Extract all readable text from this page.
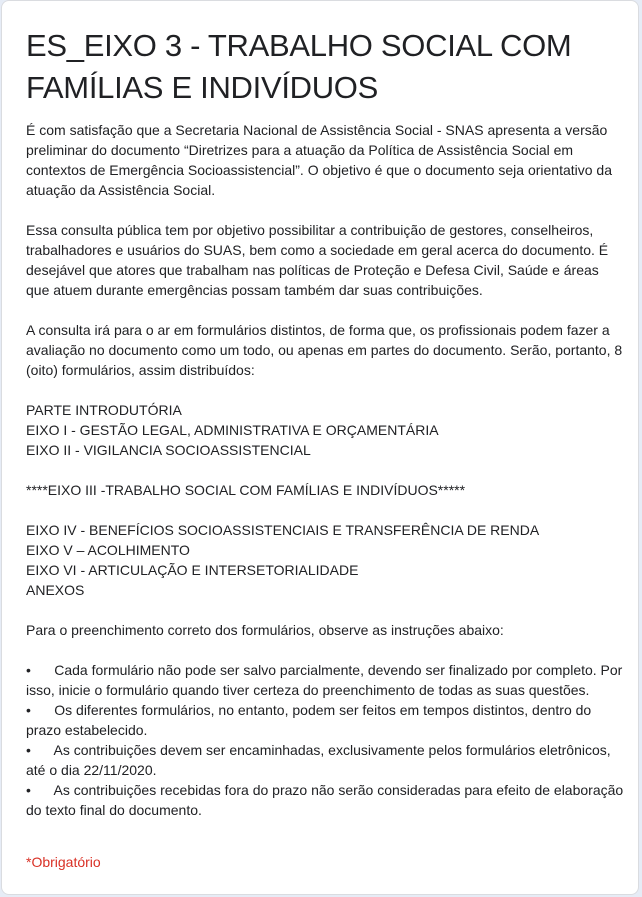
ES_EIXO 3 - TRABALHO SOCIAL COM FAMÍLIAS E INDIVÍDUOS

É com satisfação que a Secretaria Nacional de Assistência Social - SNAS apresenta a versão preliminar do documento “Diretrizes para a atuação da Política de Assistência Social em contextos de Emergência Socioassistencial”. O objetivo é que o documento seja orientativo da atuação da Assistência Social.

Essa consulta pública tem por objetivo possibilitar a contribuição de gestores, conselheiros, trabalhadores e usuários do SUAS, bem como a sociedade em geral acerca do documento. É desejável que atores que trabalham nas políticas de Proteção e Defesa Civil, Saúde e áreas que atuem durante emergências possam também dar suas contribuições.

A consulta irá para o ar em formulários distintos, de forma que, os profissionais podem fazer a avaliação no documento como um todo, ou apenas em partes do documento. Serão, portanto, 8 (oito) formulários, assim distribuídos:

PARTE INTRODUTÓRIA

EIXO I - GESTÃO LEGAL, ADMINISTRATIVA E ORÇAMENTÁRIA

EIXO II - VIGILANCIA SOCIOASSISTENCIAL

****EIXO III -TRABALHO SOCIAL COM FAMÍLIAS E INDIVÍDUOS*****

EIXO IV - BENEFÍCIOS SOCIOASSISTENCIAIS E TRANSFERÊNCIA DE RENDA

EIXO V – ACOLHIMENTO

EIXO VI - ARTICULAÇÃO E INTERSETORIALIDADE

ANEXOS

Para o preenchimento correto dos formulários, observe as instruções abaixo:

• Cada formulário não pode ser salvo parcialmente, devendo ser finalizado por completo. Por isso, inicie o formulário quando tiver certeza do preenchimento de todas as suas questões.

• Os diferentes formulários, no entanto, podem ser feitos em tempos distintos, dentro do prazo estabelecido.

• As contribuições devem ser encaminhadas, exclusivamente pelos formulários eletrônicos, até o dia 22/11/2020.

• As contribuições recebidas fora do prazo não serão consideradas para efeito de elaboração do texto final do documento.

*Obrigatório
